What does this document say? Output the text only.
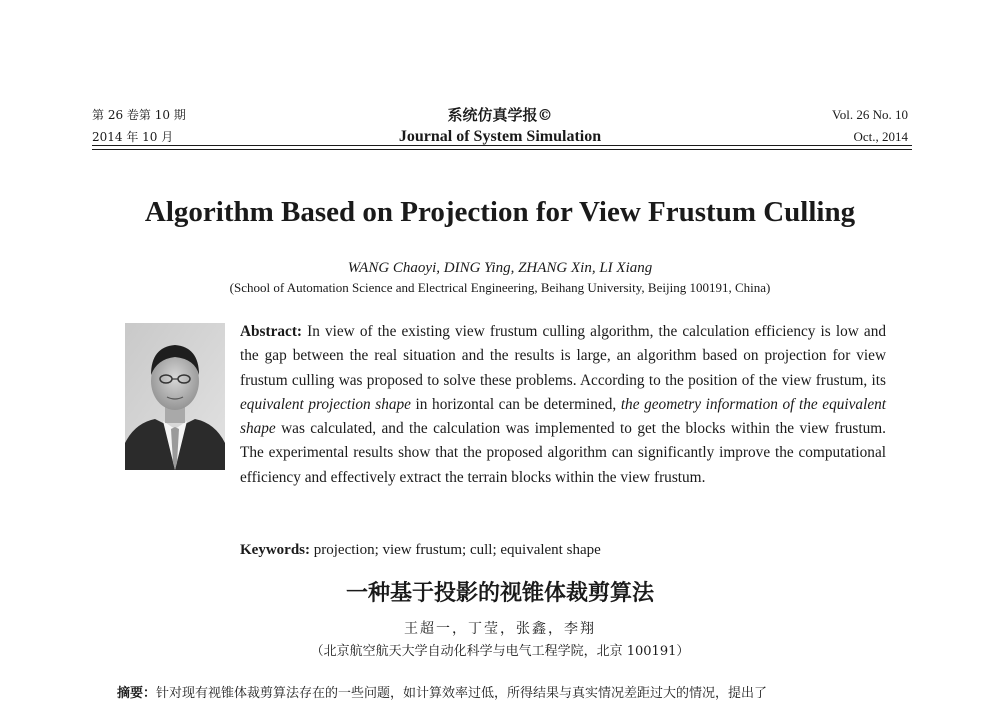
第 26 卷第 10 期
2014 年 10 月
系统仿真学报©
Journal of System Simulation
Vol. 26 No. 10
Oct., 2014
Algorithm Based on Projection for View Frustum Culling
WANG Chaoyi, DING Ying, ZHANG Xin, LI Xiang
(School of Automation Science and Electrical Engineering, Beihang University, Beijing 100191, China)
Abstract: In view of the existing view frustum culling algorithm, the calculation efficiency is low and the gap between the real situation and the results is large, an algorithm based on projection for view frustum culling was proposed to solve these problems. According to the position of the view frustum, its equivalent projection shape in horizontal can be determined, the geometry information of the equivalent shape was calculated, and the calculation was implemented to get the blocks within the view frustum. The experimental results show that the proposed algorithm can significantly improve the computational efficiency and effectively extract the terrain blocks within the view frustum.
Keywords: projection; view frustum; cull; equivalent shape
一种基于投影的视锥体裁剪算法
王超一，丁莹，张鑫，李翔
（北京航空航天大学自动化科学与电气工程学院，北京 100191）
摘要：针对现有视锥体裁剪算法存在的一些问题，如计算效率过低，所得结果与真实情况差距过大的情况，提出了
